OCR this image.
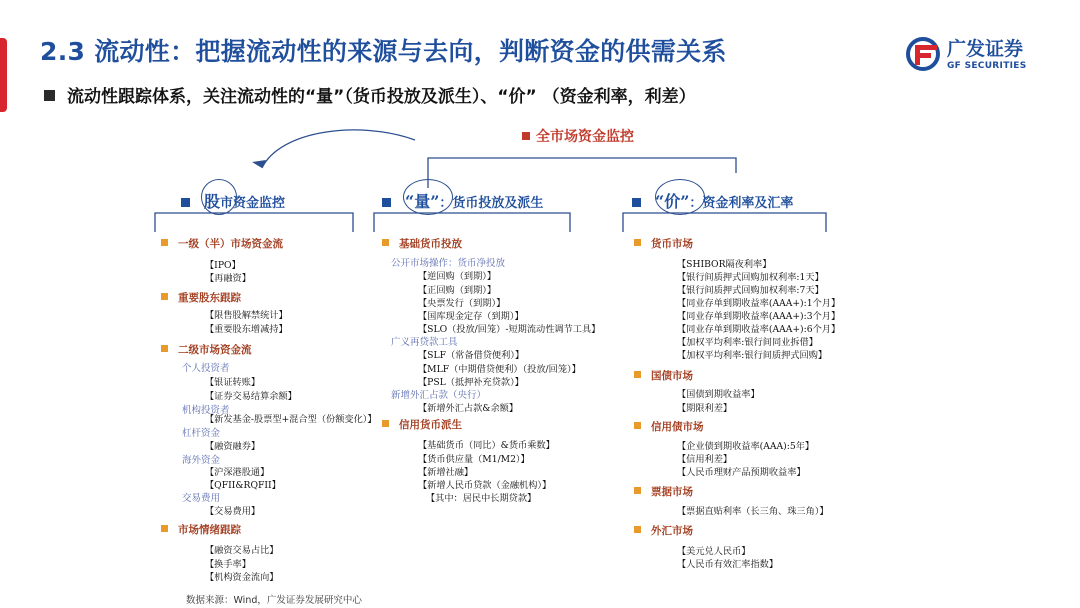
2.3 流动性：把握流动性的来源与去向，判断资金的供需关系	广发证券
GF SECURITIES
流动性跟踪体系，关注流动性的“量”（货币投放及派生）、“价” （资金利率，利差）
全市场资金监控
股市资金监控	“量”：货币投放及派生	“价”：资金利率及汇率
一级（半）市场资金流
【IPO】
【再融资】
重要股东跟踪
【限售股解禁统计】
【重要股东增减持】
二级市场资金流
个人投资者
【银证转账】
【证券交易结算余额】
机构投资者
【新发基金-股票型+混合型（份额变化）】
杠杆资金
【融资融券】
海外资金
【沪深港股通】
【QFII&RQFII】
交易费用
【交易费用】
市场情绪跟踪
【融资交易占比】
【换手率】
【机构资金流向】
基础货币投放
公开市场操作：货币净投放
【逆回购（到期）】
【正回购（到期）】
【央票发行（到期）】
【国库现金定存（到期）】
【SLO（投放/回笼）-短期流动性调节工具】
广义再贷款工具
【SLF（常备借贷便利）】
【MLF（中期借贷便利）（投放/回笼）】
【PSL（抵押补充贷款）】
新增外汇占款（央行）
【新增外汇占款&余额】
信用货币派生
【基础货币（同比）&货币乘数】
【货币供应量（M1/M2）】
【新增社融】
【新增人民币贷款（金融机构）】
【其中：居民中长期贷款】
货币市场
【SHIBOR隔夜利率】
【银行间质押式回购加权利率:1天】
【银行间质押式回购加权利率:7天】
【同业存单到期收益率(AAA+):1个月】
【同业存单到期收益率(AAA+):3个月】
【同业存单到期收益率(AAA+):6个月】
【加权平均利率:银行间同业拆借】
【加权平均利率:银行间质押式回购】
国债市场
【国债到期收益率】
【期限利差】
信用债市场
【企业债到期收益率(AAA):5年】
【信用利差】
【人民币理财产品预期收益率】
票据市场
【票据直贴利率（长三角、珠三角）】
外汇市场
【美元兑人民币】
【人民币有效汇率指数】
数据来源：Wind，广发证券发展研究中心
